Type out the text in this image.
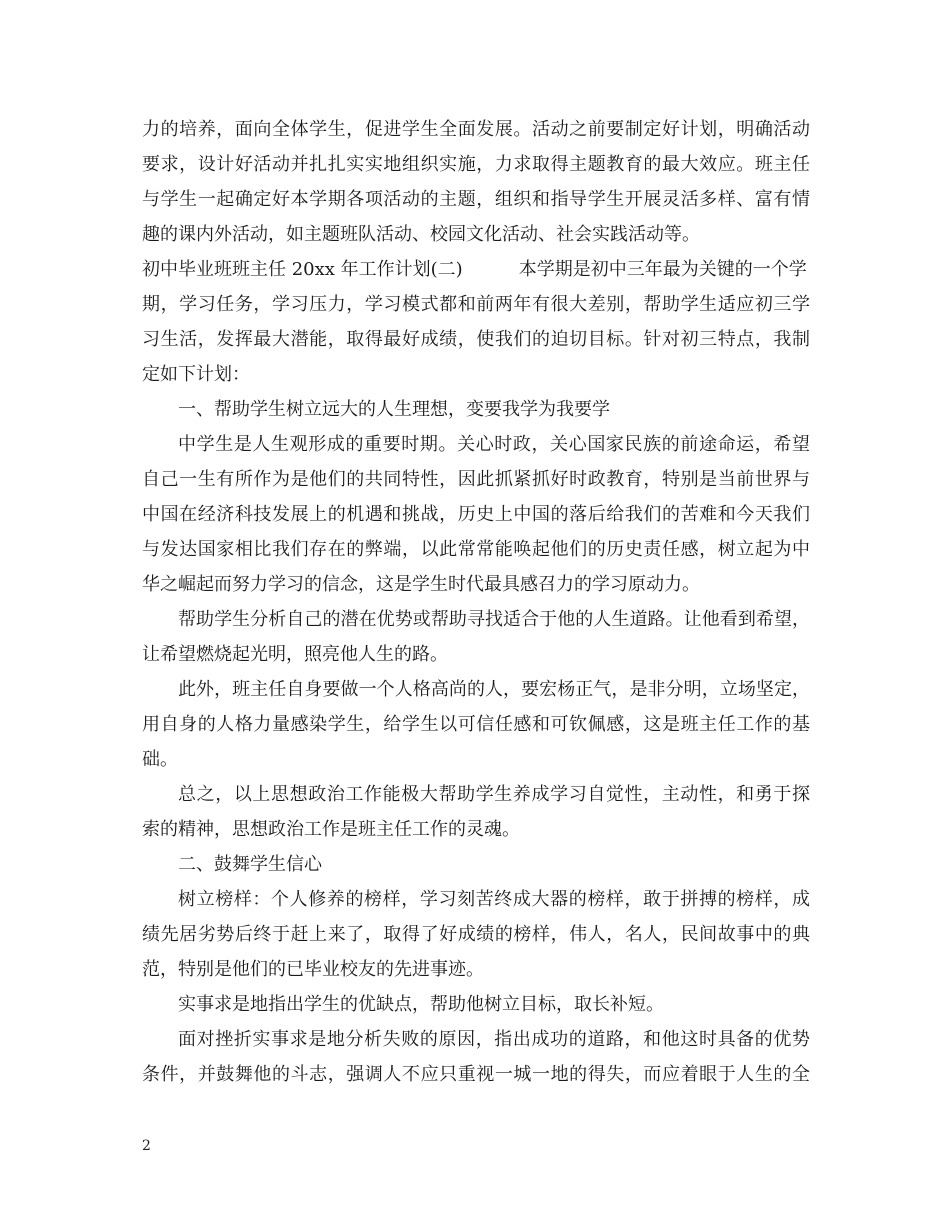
力的培养，面向全体学生，促进学生全面发展。活动之前要制定好计划，明确活动
要求，设计好活动并扎扎实实地组织实施，力求取得主题教育的最大效应。班主任
与学生一起确定好本学期各项活动的主题，组织和指导学生开展灵活多样、富有情
趣的课内外活动，如主题班队活动、校园文化活动、社会实践活动等。
初中毕业班班主任 20xx 年工作计划(二)	本学期是初中三年最为关键的一个学
期，学习任务，学习压力，学习模式都和前两年有很大差别，帮助学生适应初三学
习生活，发挥最大潜能，取得最好成绩，使我们的迫切目标。针对初三特点，我制
定如下计划：
一、帮助学生树立远大的人生理想，变要我学为我要学
中学生是人生观形成的重要时期。关心时政，关心国家民族的前途命运，希望
自己一生有所作为是他们的共同特性，因此抓紧抓好时政教育，特别是当前世界与
中国在经济科技发展上的机遇和挑战，历史上中国的落后给我们的苦难和今天我们
与发达国家相比我们存在的弊端，以此常常能唤起他们的历史责任感，树立起为中
华之崛起而努力学习的信念，这是学生时代最具感召力的学习原动力。
帮助学生分析自己的潜在优势或帮助寻找适合于他的人生道路。让他看到希望，
让希望燃烧起光明，照亮他人生的路。
此外，班主任自身要做一个人格高尚的人，要宏杨正气，是非分明，立场坚定，
用自身的人格力量感染学生，给学生以可信任感和可钦佩感，这是班主任工作的基
础。
总之，以上思想政治工作能极大帮助学生养成学习自觉性，主动性，和勇于探
索的精神，思想政治工作是班主任工作的灵魂。
二、鼓舞学生信心
树立榜样：个人修养的榜样，学习刻苦终成大器的榜样，敢于拼搏的榜样，成
绩先居劣势后终于赶上来了，取得了好成绩的榜样，伟人，名人，民间故事中的典
范，特别是他们的已毕业校友的先进事迹。
实事求是地指出学生的优缺点，帮助他树立目标，取长补短。
面对挫折实事求是地分析失败的原因，指出成功的道路，和他这时具备的优势
条件，并鼓舞他的斗志，强调人不应只重视一城一地的得失，而应着眼于人生的全
2
